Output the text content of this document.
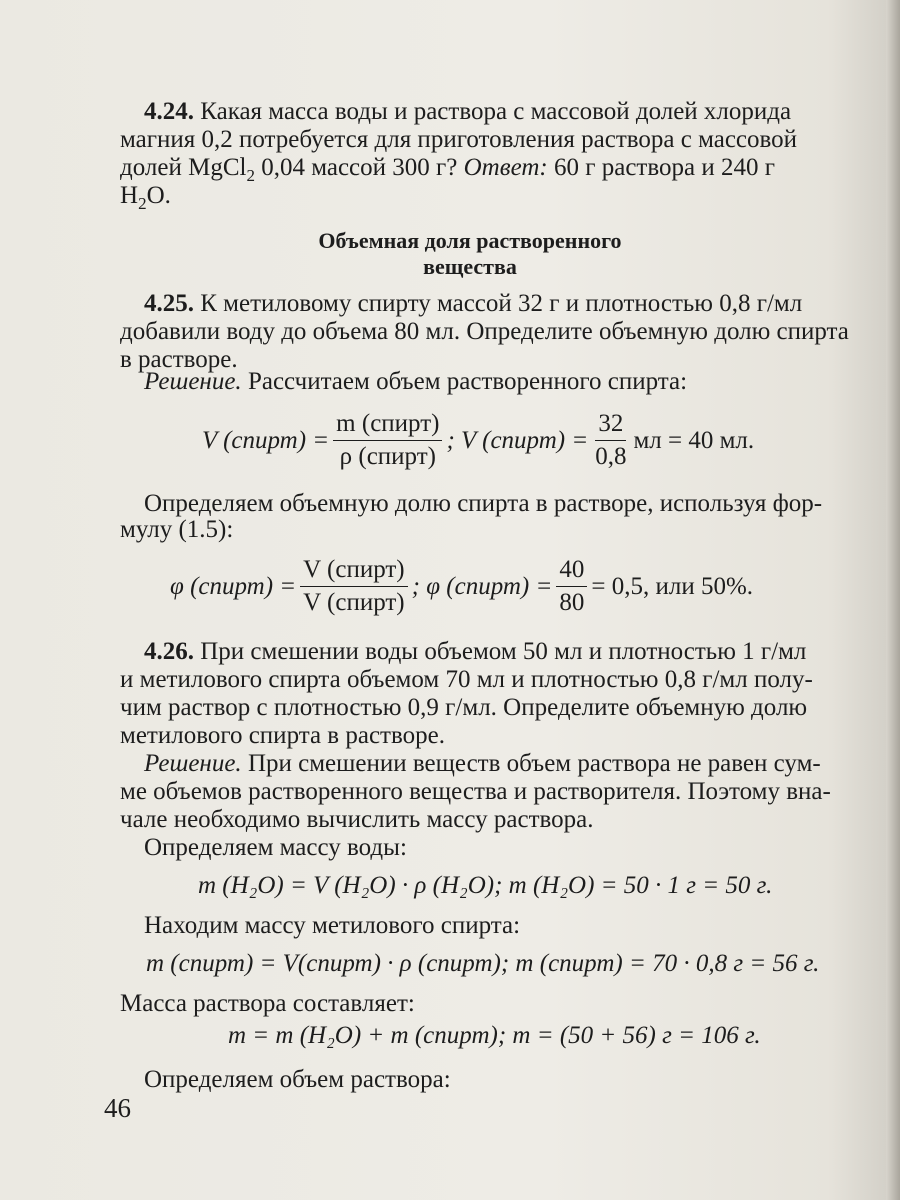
4.24. Какая масса воды и раствора с массовой долей хлорида
магния 0,2 потребуется для приготовления раствора с массовой
долей MgCl$_2$ 0,04 массой 300 г? Ответ: 60 г раствора и 240 г
$H_2O$.
Объемная доля растворенного
вещества
4.25. К метиловому спирту массой 32 г и плотностью 0,8 г/мл
добавили воду до объема 80 мл. Определите объемную долю спирта
в растворе.
Решение. Рассчитаем объем растворенного спирта:
V (спирт) = $\frac{\text{m (спирт)}}{\text{ρ (спирт)}}$ ; V (спирт) = $\frac{32}{0,8}$ мл = 40 мл.
Определяем объемную долю спирта в растворе, используя фор-
мулу (1.5):
φ (спирт) = $\frac{\text{V (спирт)}}{\text{V (спирт)}}$ ; φ (спирт) = $\frac{40}{80} = 0,5$, или 50%.
4.26. При смешении воды объемом 50 мл и плотностью 1 г/мл
и метилового спирта объемом 70 мл и плотностью 0,8 г/мл полу-
чим раствор с плотностью 0,9 г/мл. Определите объемную долю
метилового спирта в растворе.
Решение. При смешении веществ объем раствора не равен сум-
ме объемов растворенного вещества и растворителя. Поэтому вна-
чале необходимо вычислить массу раствора.
Определяем массу воды:
m (H₂O) = V (H₂O) · ρ (H₂O); m (H₂O) = 50 · 1 г = 50 г.
Находим массу метилового спирта:
m (спирт) = V(спирт) · ρ (спирт); m (спирт) = 70 · 0,8 г = 56 г.
Масса раствора составляет:
m = m (H₂O) + m (спирт); m = (50 + 56) г = 106 г.
Определяем объем раствора:
46
